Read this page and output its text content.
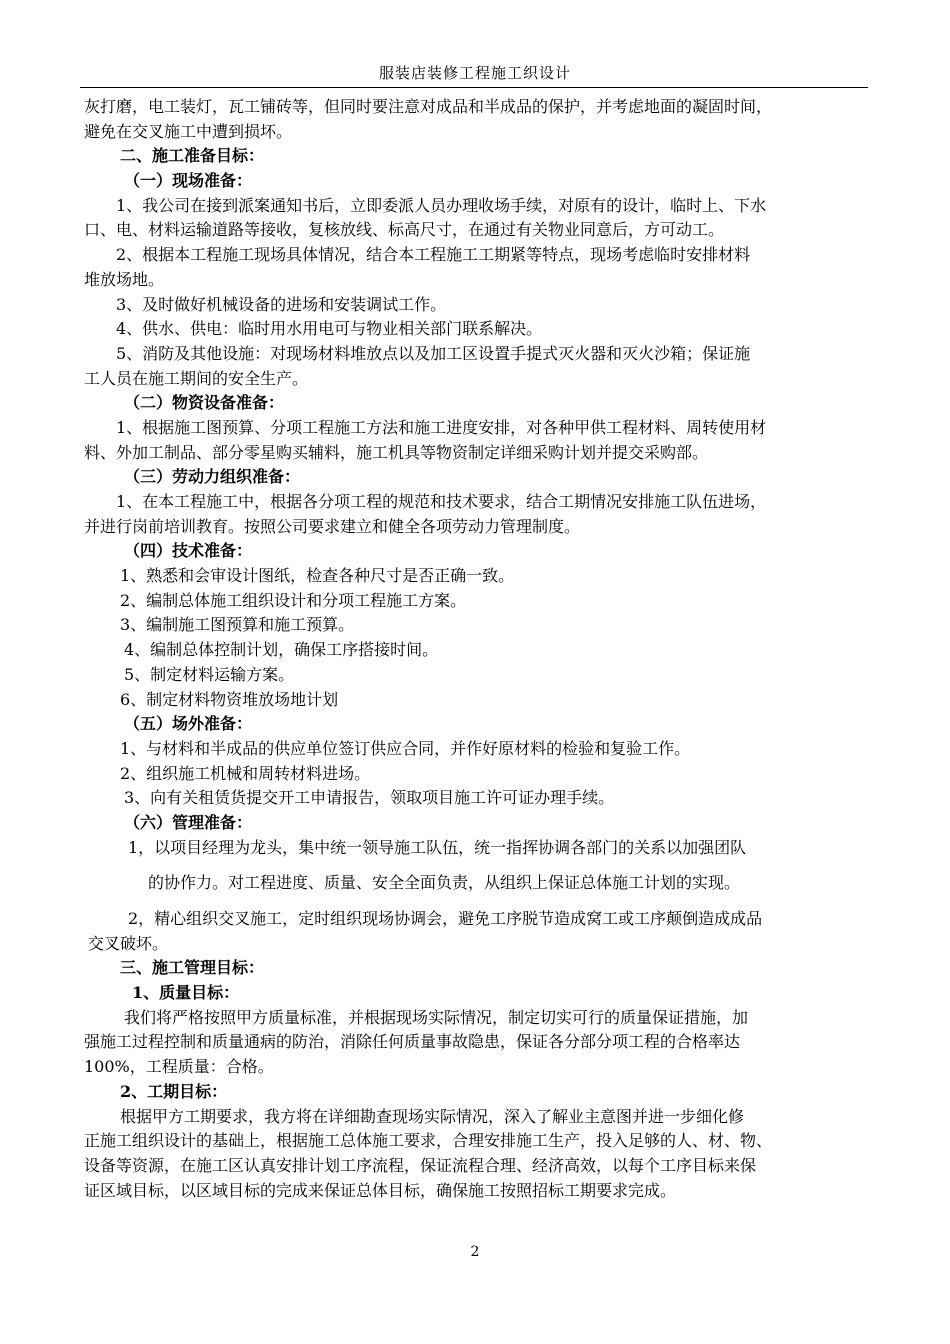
服装店装修工程施工织设计
灰打磨，电工装灯，瓦工铺砖等，但同时要注意对成品和半成品的保护，并考虑地面的凝固时间，
避免在交叉施工中遭到损坏。
二、施工准备目标：
（一）现场准备：
1、我公司在接到派案通知书后，立即委派人员办理收场手续，对原有的设计，临时上、下水
口、电、材料运输道路等接收，复核放线、标高尺寸，在通过有关物业同意后，方可动工。
2、根据本工程施工现场具体情况，结合本工程施工工期紧等特点，现场考虑临时安排材料
堆放场地。
3、及时做好机械设备的进场和安装调试工作。
4、供水、供电：临时用水用电可与物业相关部门联系解决。
5、消防及其他设施：对现场材料堆放点以及加工区设置手提式灭火器和灭火沙箱；保证施
工人员在施工期间的安全生产。
（二）物资设备准备：
1、根据施工图预算、分项工程施工方法和施工进度安排，对各种甲供工程材料、周转使用材
料、外加工制品、部分零星购买辅料，施工机具等物资制定详细采购计划并提交采购部。
（三）劳动力组织准备：
1、在本工程施工中，根据各分项工程的规范和技术要求，结合工期情况安排施工队伍进场，
并进行岗前培训教育。按照公司要求建立和健全各项劳动力管理制度。
（四）技术准备：
1、熟悉和会审设计图纸，检查各种尺寸是否正确一致。
2、编制总体施工组织设计和分项工程施工方案。
3、编制施工图预算和施工预算。
4、编制总体控制计划，确保工序搭接时间。
5、制定材料运输方案。
6、制定材料物资堆放场地计划
（五）场外准备：
1、与材料和半成品的供应单位签订供应合同，并作好原材料的检验和复验工作。
2、组织施工机械和周转材料进场。
3、向有关租赁货提交开工申请报告，领取项目施工许可证办理手续。
（六）管理准备：
1，以项目经理为龙头，集中统一领导施工队伍，统一指挥协调各部门的关系以加强团队
的协作力。对工程进度、质量、安全全面负责，从组织上保证总体施工计划的实现。
2，精心组织交叉施工，定时组织现场协调会，避免工序脱节造成窝工或工序颠倒造成成品
交叉破坏。
三、施工管理目标：
1、质量目标：
我们将严格按照甲方质量标准，并根据现场实际情况，制定切实可行的质量保证措施，加
强施工过程控制和质量通病的防治，消除任何质量事故隐患，保证各分部分项工程的合格率达
100%，工程质量：合格。
2、工期目标：
根据甲方工期要求，我方将在详细勘查现场实际情况，深入了解业主意图并进一步细化修
正施工组织设计的基础上，根据施工总体施工要求，合理安排施工生产，投入足够的人、材、物、
设备等资源，在施工区认真安排计划工序流程，保证流程合理、经济高效，以每个工序目标来保
证区域目标，以区域目标的完成来保证总体目标，确保施工按照招标工期要求完成。
2
